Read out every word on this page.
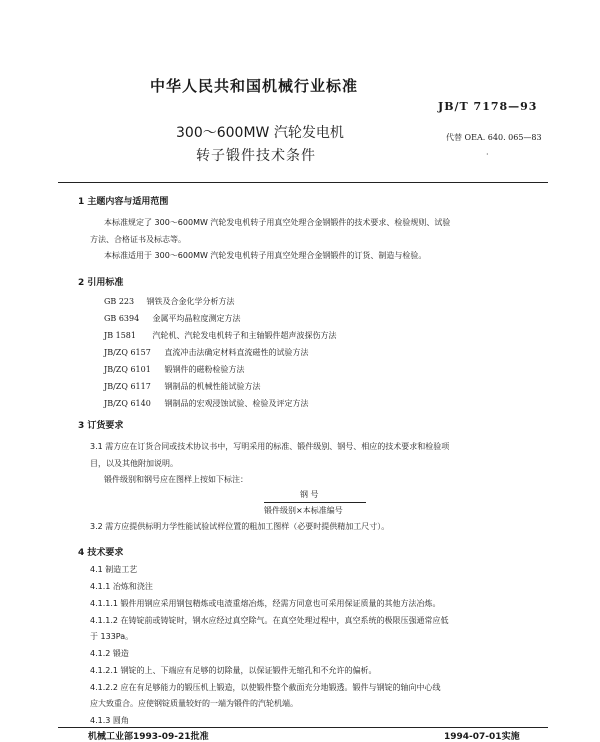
中华人民共和国机械行业标准
JB/T 7178—93
300～600MW 汽轮发电机
转子锻件技术条件
代替 OEA. 640. 065—83
·
1 主题内容与适用范围
本标准规定了 300～600MW 汽轮发电机转子用真空处理合金钢锻件的技术要求、检验规则、试验
方法、合格证书及标志等。
本标准适用于 300～600MW 汽轮发电机转子用真空处理合金钢锻件的订货、制造与检验。
2 引用标准
GB 223 钢铁及合金化学分析方法
GB 6394 金属平均晶粒度测定方法
JB 1581 汽轮机、汽轮发电机转子和主轴锻件超声波探伤方法
JB/ZQ 6157 直流冲击法确定材料直流磁性的试验方法
JB/ZQ 6101 锻钢件的磁粉检验方法
JB/ZQ 6117 钢制品的机械性能试验方法
JB/ZQ 6140 钢制品的宏观浸蚀试验、检验及评定方法
3 订货要求
3.1 需方应在订货合同或技术协议书中，写明采用的标准、锻件级别、钢号、相应的技术要求和检验项
目，以及其他附加说明。
锻件级别和钢号应在图样上按如下标注：
钢 号
锻件级别×本标准编号
3.2 需方应提供标明力学性能试验试样位置的粗加工图样（必要时提供精加工尺寸）。
4 技术要求
4.1 制造工艺
4.1.1 冶炼和浇注
4.1.1.1 锻件用钢应采用钢包精炼或电渣重熔冶炼，经需方同意也可采用保证质量的其他方法冶炼。
4.1.1.2 在铸锭前或铸锭时，钢水应经过真空除气。在真空处理过程中，真空系统的极限压强通常应低
于 133Pa。
4.1.2 锻造
4.1.2.1 钢锭的上、下端应有足够的切除量，以保证锻件无缩孔和不允许的偏析。
4.1.2.2 应在有足够能力的锻压机上锻造，以使锻件整个截面充分地锻透。锻件与钢锭的轴向中心线
应大致重合。应使钢锭质量较好的一端为锻件的汽轮机端。
4.1.3 圆角
机械工业部1993-09-21批准	1994-07-01实施
